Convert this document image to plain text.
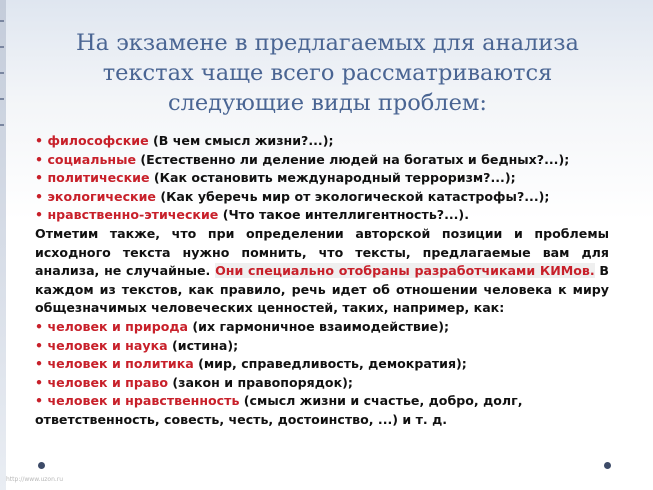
На экзамене в предлагаемых для анализа текстах чаще всего рассматриваются следующие виды проблем:

• философские (В чем смысл жизни?...);

• социальные (Естественно ли деление людей на богатых и бедных?...);

• политические (Как остановить международный терроризм?...);

• экологические (Как уберечь мир от экологической катастрофы?...);

• нравственно-этические (Что такое интеллигентность?...).

Отметим также, что при определении авторской позиции и проблемы исходного текста нужно помнить, что тексты, предлагаемые вам для анализа, не случайные. Они специально отобраны разработчиками КИМов. В каждом из текстов, как правило, речь идет об отношении человека к миру общезначимых человеческих ценностей, таких, например, как:

• человек и природа (их гармоничное взаимодействие);

• человек и наука (истина);

• человек и политика (мир, справедливость, демократия);

• человек и право (закон и правопорядок);

• человек и нравственность (смысл жизни и счастье, добро, долг, ответственность, совесть, честь, достоинство, ...) и т. д.

http://www.uzon.ru
